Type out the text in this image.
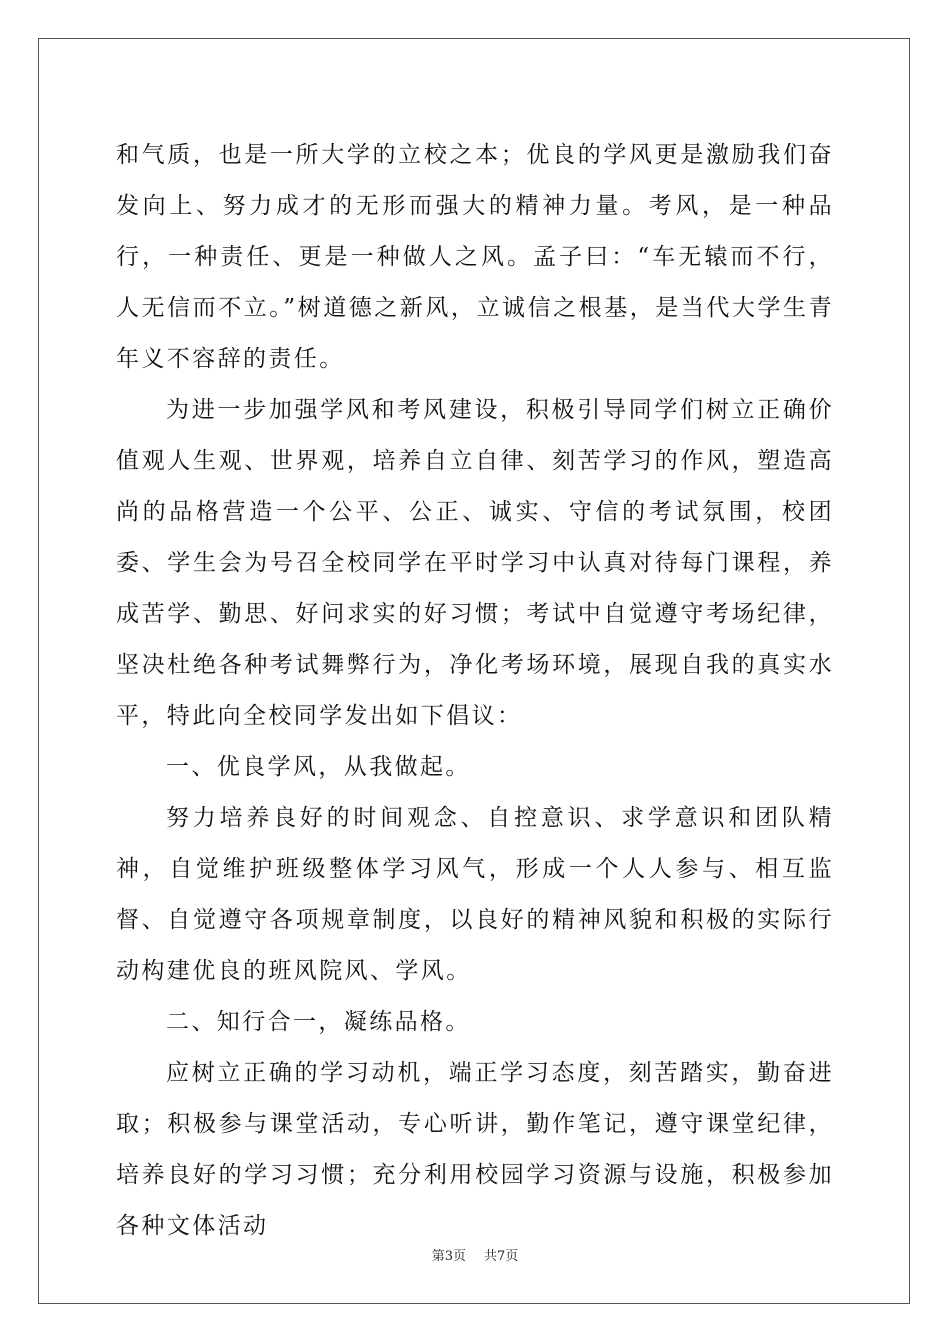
和气质，也是一所大学的立校之本；优良的学风更是激励我们奋发向上、努力成才的无形而强大的精神力量。考风，是一种品行，一种责任、更是一种做人之风。孟子曰：“车无辕而不行，人无信而不立。”树道德之新风，立诚信之根基，是当代大学生青年义不容辞的责任。

为进一步加强学风和考风建设，积极引导同学们树立正确价值观人生观、世界观，培养自立自律、刻苦学习的作风，塑造高尚的品格营造一个公平、公正、诚实、守信的考试氛围，校团委、学生会为号召全校同学在平时学习中认真对待每门课程，养成苦学、勤思、好问求实的好习惯；考试中自觉遵守考场纪律，坚决杜绝各种考试舞弊行为，净化考场环境，展现自我的真实水平，特此向全校同学发出如下倡议：

一、优良学风，从我做起。

努力培养良好的时间观念、自控意识、求学意识和团队精神，自觉维护班级整体学习风气，形成一个人人参与、相互监督、自觉遵守各项规章制度，以良好的精神风貌和积极的实际行动构建优良的班风院风、学风。

二、知行合一，凝练品格。

应树立正确的学习动机，端正学习态度，刻苦踏实，勤奋进取；积极参与课堂活动，专心听讲，勤作笔记，遵守课堂纪律，培养良好的学习习惯；充分利用校园学习资源与设施，积极参加各种文体活动

第3页 共7页
